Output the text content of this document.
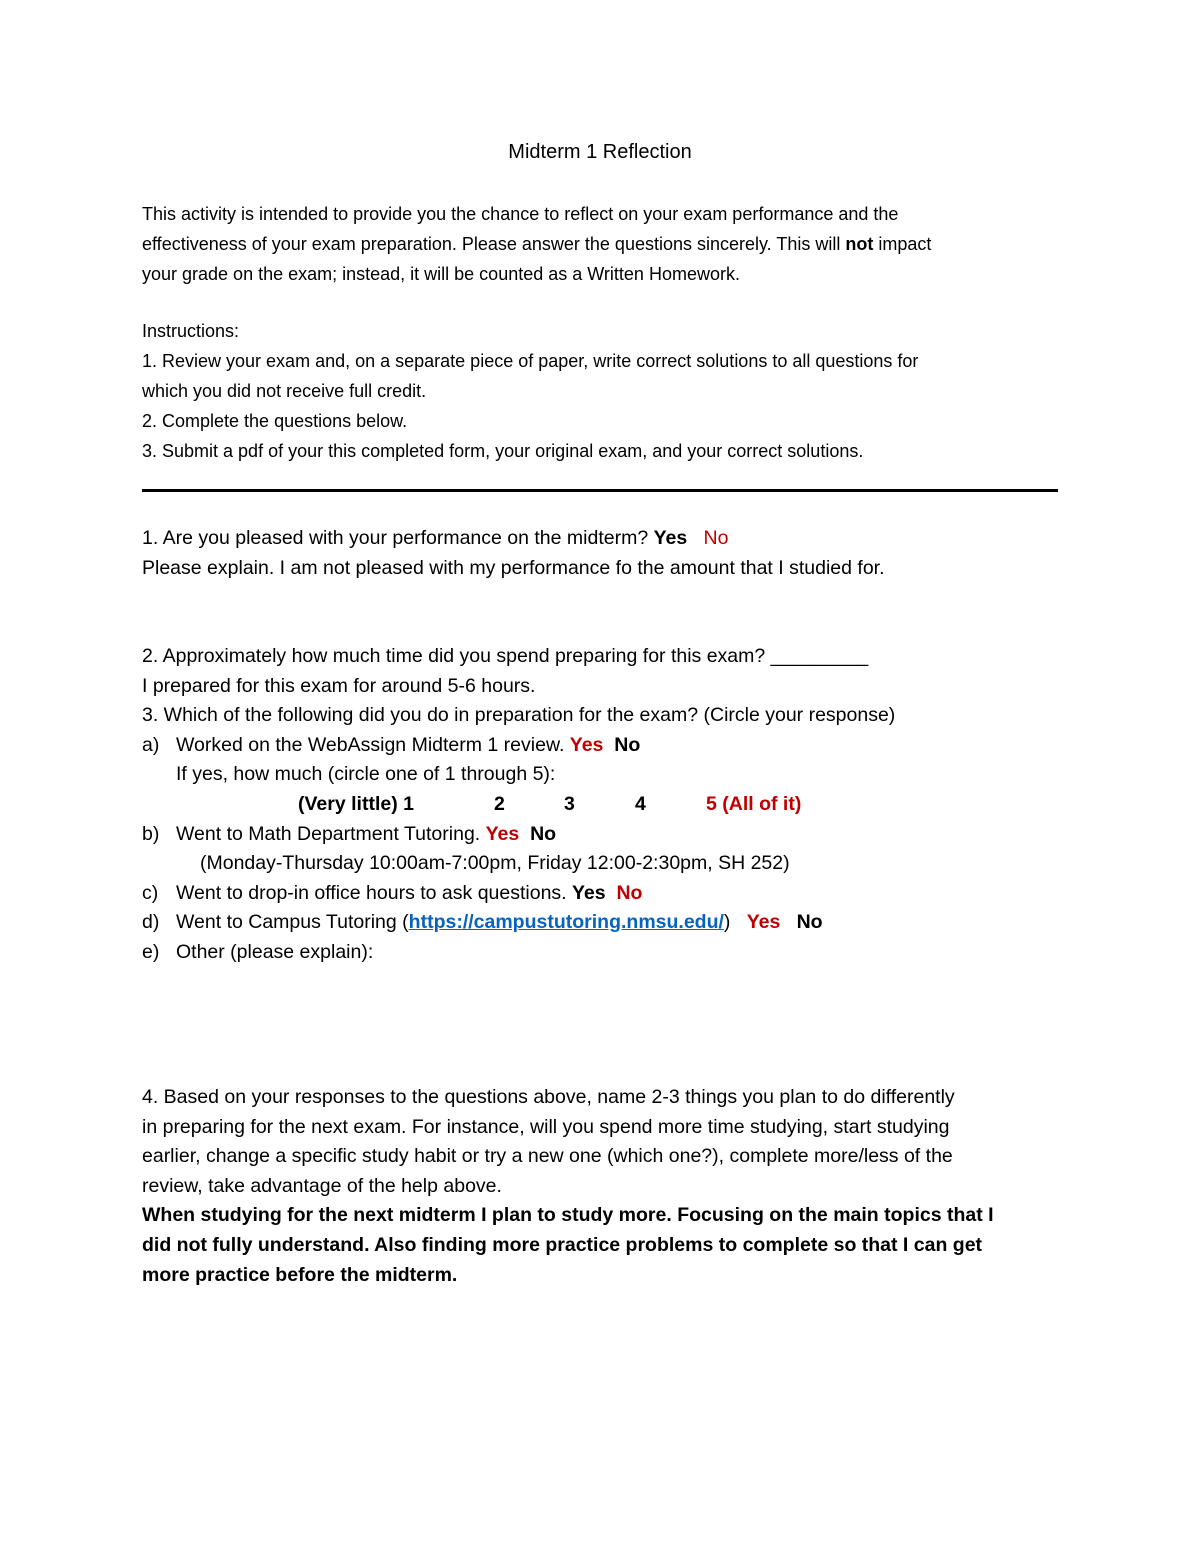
Midterm 1 Reflection

This activity is intended to provide you the chance to reflect on your exam performance and the

effectiveness of your exam preparation. Please answer the questions sincerely. This will not impact

your grade on the exam; instead, it will be counted as a Written Homework.

Instructions:

1. Review your exam and, on a separate piece of paper, write correct solutions to all questions for

which you did not receive full credit.

2. Complete the questions below.

3. Submit a pdf of your this completed form, your original exam, and your correct solutions.

1. Are you pleased with your performance on the midterm? Yes No

Please explain. I am not pleased with my performance fo the amount that I studied for.

2. Approximately how much time did you spend preparing for this exam? _________

I prepared for this exam for around 5-6 hours.

3. Which of the following did you do in preparation for the exam? (Circle your response)

a) Worked on the WebAssign Midterm 1 review. Yes No

If yes, how much (circle one of 1 through 5):

(Very little) 1	2	3	4	5 (All of it)

b) Went to Math Department Tutoring. Yes No

(Monday-Thursday 10:00am-7:00pm, Friday 12:00-2:30pm, SH 252)

c) Went to drop-in office hours to ask questions. Yes No

d) Went to Campus Tutoring (https://campustutoring.nmsu.edu/) Yes No

e) Other (please explain):

4. Based on your responses to the questions above, name 2-3 things you plan to do differently

in preparing for the next exam. For instance, will you spend more time studying, start studying

earlier, change a specific study habit or try a new one (which one?), complete more/less of the

review, take advantage of the help above.

When studying for the next midterm I plan to study more. Focusing on the main topics that I

did not fully understand. Also finding more practice problems to complete so that I can get

more practice before the midterm.
